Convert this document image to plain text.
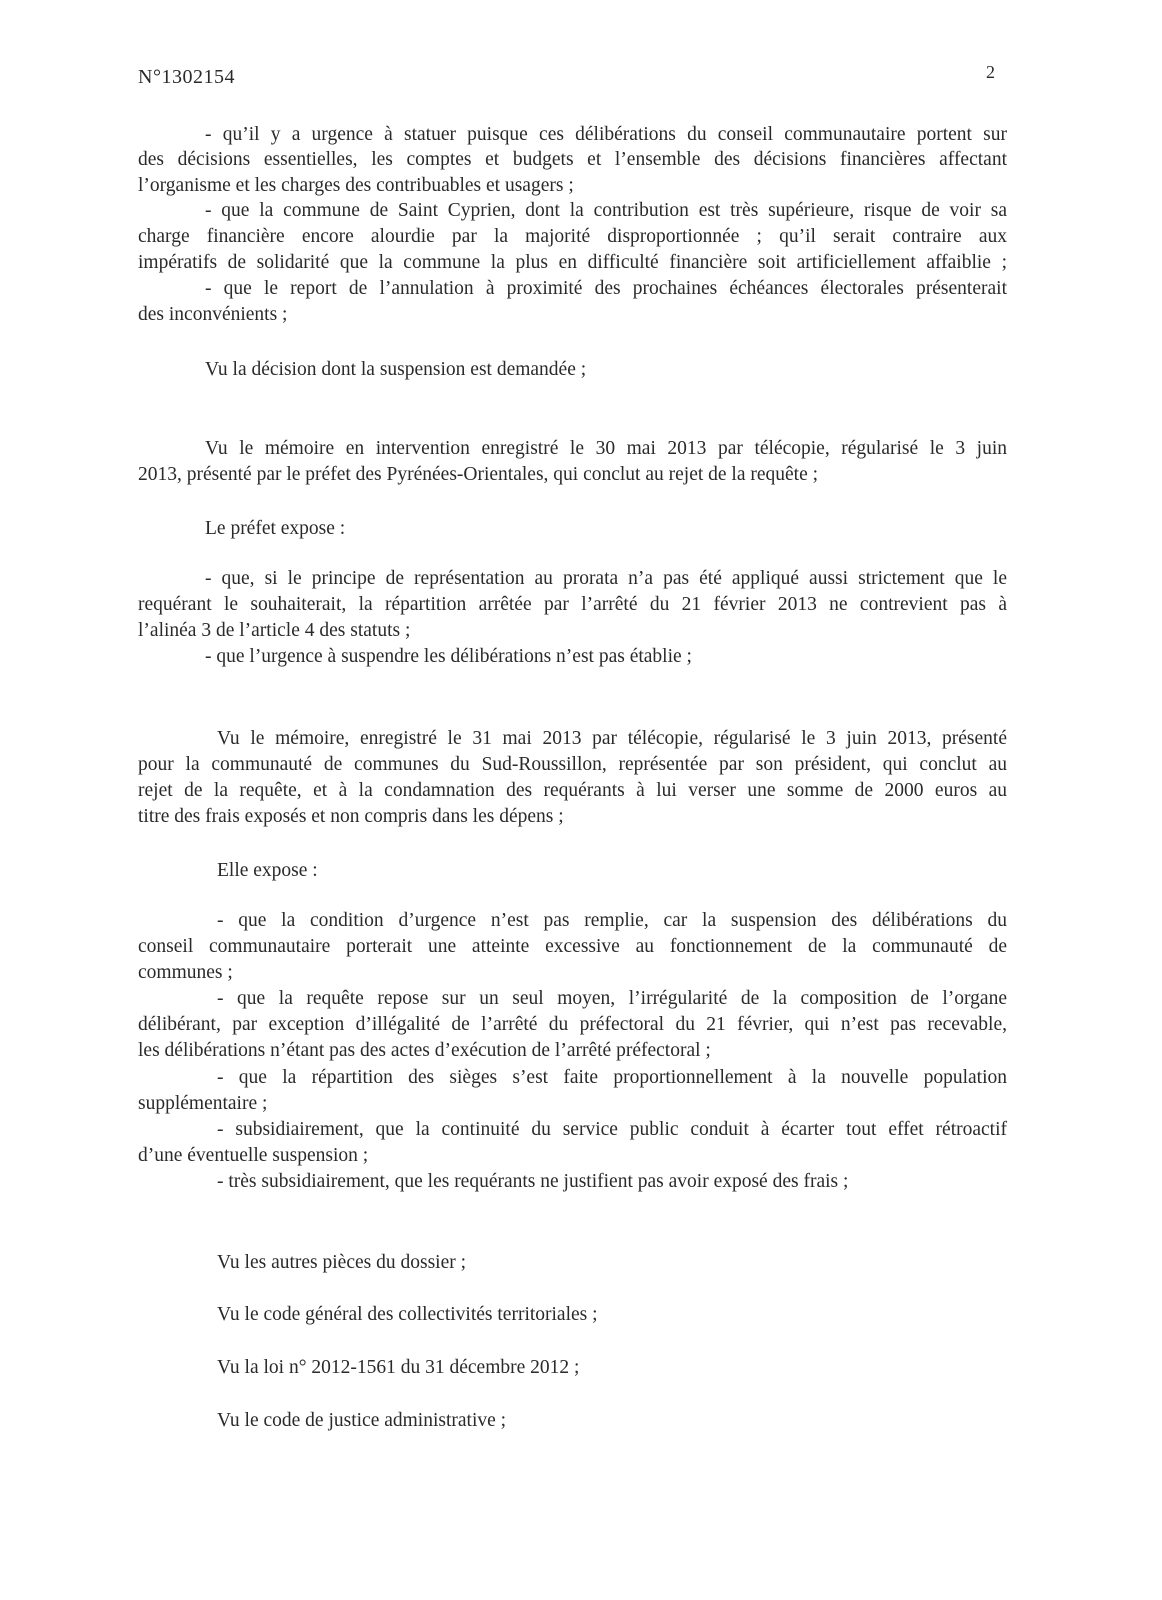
N°1302154	2
- qu’il y a urgence à statuer puisque ces délibérations du conseil communautaire portent sur
des décisions essentielles, les comptes et budgets et l’ensemble des décisions financières affectant
l’organisme et les charges des contribuables et usagers ;
- que la commune de Saint Cyprien, dont la contribution est très supérieure, risque de voir sa
charge financière encore alourdie par la majorité disproportionnée ; qu’il serait contraire aux
impératifs de solidarité que la commune la plus en difficulté financière soit artificiellement affaiblie ;
- que le report de l’annulation à proximité des prochaines échéances électorales présenterait
des inconvénients ;
Vu la décision dont la suspension est demandée ;
Vu le mémoire en intervention enregistré le 30 mai 2013 par télécopie, régularisé le 3 juin
2013, présenté par le préfet des Pyrénées-Orientales, qui conclut au rejet de la requête ;
Le préfet expose :
- que, si le principe de représentation au prorata n’a pas été appliqué aussi strictement que le
requérant le souhaiterait, la répartition arrêtée par l’arrêté du 21 février 2013 ne contrevient pas à
l’alinéa 3 de l’article 4 des statuts ;
- que l’urgence à suspendre les délibérations n’est pas établie ;
Vu le mémoire, enregistré le 31 mai 2013 par télécopie, régularisé le 3 juin 2013, présenté
pour la communauté de communes du Sud-Roussillon, représentée par son président, qui conclut au
rejet de la requête, et à la condamnation des requérants à lui verser une somme de 2000 euros au
titre des frais exposés et non compris dans les dépens ;
Elle expose :
- que la condition d’urgence n’est pas remplie, car la suspension des délibérations du
conseil communautaire porterait une atteinte excessive au fonctionnement de la communauté de
communes ;
- que la requête repose sur un seul moyen, l’irrégularité de la composition de l’organe
délibérant, par exception d’illégalité de l’arrêté du préfectoral du 21 février, qui n’est pas recevable,
les délibérations n’étant pas des actes d’exécution de l’arrêté préfectoral ;
- que la répartition des sièges s’est faite proportionnellement à la nouvelle population
supplémentaire ;
- subsidiairement, que la continuité du service public conduit à écarter tout effet rétroactif
d’une éventuelle suspension ;
- très subsidiairement, que les requérants ne justifient pas avoir exposé des frais ;
Vu les autres pièces du dossier ;
Vu le code général des collectivités territoriales ;
Vu la loi n° 2012-1561 du 31 décembre 2012 ;
Vu le code de justice administrative ;
